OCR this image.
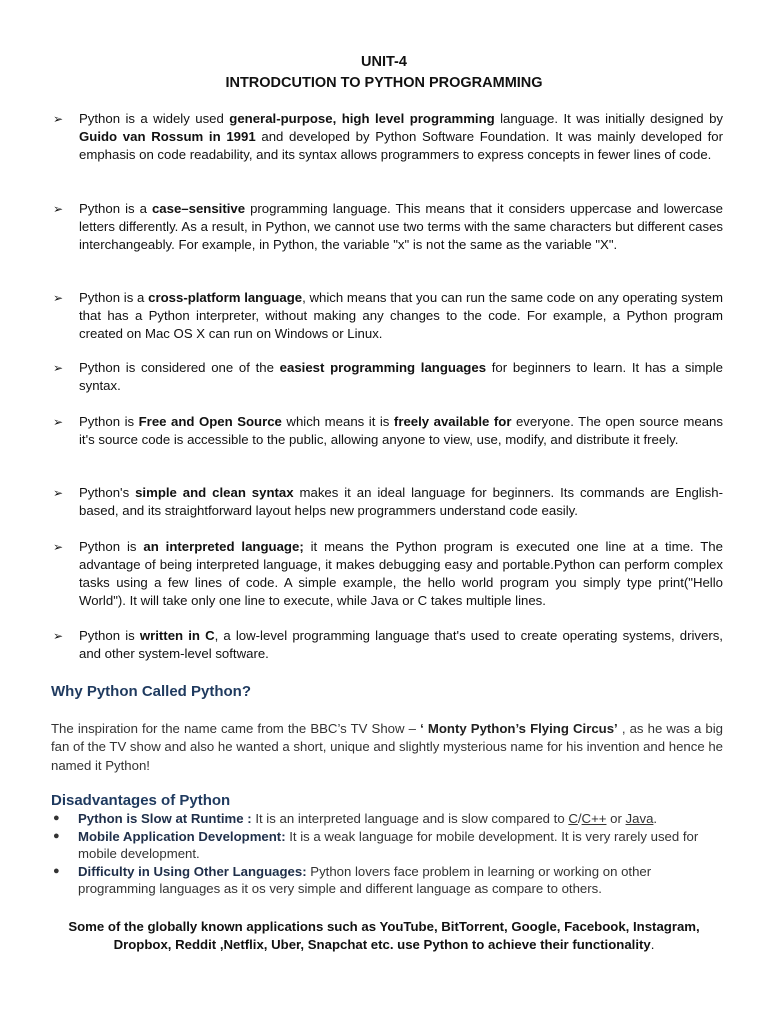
UNIT-4
INTRODCUTION TO PYTHON PROGRAMMING
➢	Python is a widely used general-purpose, high level programming language. It was initially designed by Guido van Rossum in 1991 and developed by Python Software Foundation. It was mainly developed for emphasis on code readability, and its syntax allows programmers to express concepts in fewer lines of code.
➢	Python is a case–sensitive programming language. This means that it considers uppercase and lowercase letters differently. As a result, in Python, we cannot use two terms with the same characters but different cases interchangeably. For example, in Python, the variable "x" is not the same as the variable "X".
➢	Python is a cross-platform language, which means that you can run the same code on any operating system that has a Python interpreter, without making any changes to the code. For example, a Python program created on Mac OS X can run on Windows or Linux.
➢	Python is considered one of the easiest programming languages for beginners to learn. It has a simple syntax.
➢	Python is Free and Open Source which means it is freely available for everyone. The open source means it's source code is accessible to the public, allowing anyone to view, use, modify, and distribute it freely.
➢	Python's simple and clean syntax makes it an ideal language for beginners. Its commands are English-based, and its straightforward layout helps new programmers understand code easily.
➢	Python is an interpreted language; it means the Python program is executed one line at a time. The advantage of being interpreted language, it makes debugging easy and portable.Python can perform complex tasks using a few lines of code. A simple example, the hello world program you simply type print("Hello World"). It will take only one line to execute, while Java or C takes multiple lines.
➢	Python is written in C, a low-level programming language that's used to create operating systems, drivers, and other system-level software.
Why Python Called Python?
The inspiration for the name came from the BBC’s TV Show – ‘ Monty Python’s Flying Circus’ , as he was a big fan of the TV show and also he wanted a short, unique and slightly mysterious name for his invention and hence he named it Python!
Disadvantages of Python
● Python is Slow at Runtime : It is an interpreted language and is slow compared to C/C++ or Java.
● Mobile Application Development: It is a weak language for mobile development. It is very rarely used for mobile development.
● Difficulty in Using Other Languages: Python lovers face problem in learning or working on other programming languages as it os very simple and different language as compare to others.
Some of the globally known applications such as YouTube, BitTorrent, Google, Facebook, Instagram, Dropbox, Reddit ,Netflix, Uber, Snapchat etc. use Python to achieve their functionality.
